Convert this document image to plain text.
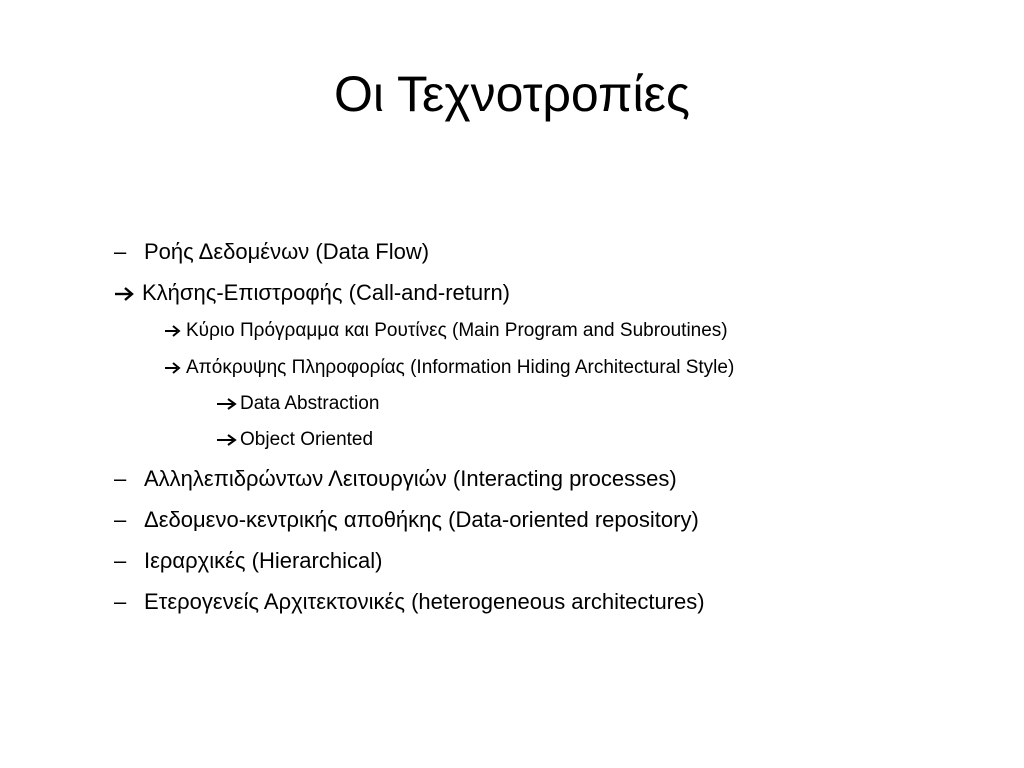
Οι Τεχνοτροπίες
– Ροής Δεδομένων (Data Flow)
Κλήσης-Επιστροφής (Call-and-return)
Κύριο Πρόγραμμα και Ρουτίνες (Main Program and Subroutines)
Απόκρυψης Πληροφορίας (Information Hiding Architectural Style)
Data Abstraction
Object Oriented
– Αλληλεπιδρώντων Λειτουργιών (Interacting processes)
– Δεδομενο-κεντρικής αποθήκης (Data-oriented repository)
– Ιεραρχικές (Hierarchical)
– Ετερογενείς Αρχιτεκτονικές (heterogeneous architectures)
